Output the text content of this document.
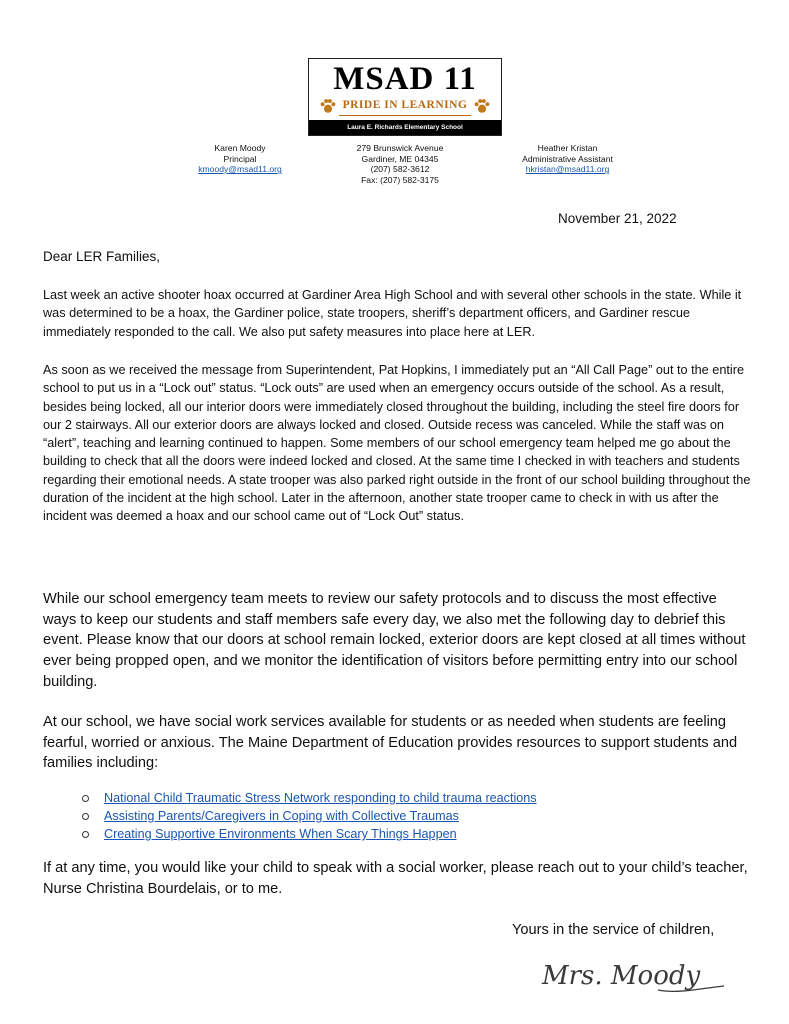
MSAD 11
PRIDE IN LEARNING
Laura E. Richards Elementary School
Karen Moody
Principal
kmoody@msad11.org
279 Brunswick Avenue
Gardiner, ME 04345
(207) 582-3612
Fax: (207) 582-3175
Heather Kristan
Administrative Assistant
hkristan@msad11.org
November 21, 2022
Dear LER Families,

Last week an active shooter hoax occurred at Gardiner Area High School and with several other schools in the state. While it was determined to be a hoax, the Gardiner police, state troopers, sheriff’s department officers, and Gardiner rescue immediately responded to the call. We also put safety measures into place here at LER.

As soon as we received the message from Superintendent, Pat Hopkins, I immediately put an “All Call Page” out to the entire school to put us in a “Lock out” status. “Lock outs” are used when an emergency occurs outside of the school. As a result, besides being locked, all our interior doors were immediately closed throughout the building, including the steel fire doors for our 2 stairways. All our exterior doors are always locked and closed. Outside recess was canceled. While the staff was on “alert”, teaching and learning continued to happen. Some members of our school emergency team helped me go about the building to check that all the doors were indeed locked and closed. At the same time I checked in with teachers and students regarding their emotional needs. A state trooper was also parked right outside in the front of our school building throughout the duration of the incident at the high school. Later in the afternoon, another state trooper came to check in with us after the incident was deemed a hoax and our school came out of “Lock Out” status.

While our school emergency team meets to review our safety protocols and to discuss the most effective ways to keep our students and staff members safe every day, we also met the following day to debrief this event. Please know that our doors at school remain locked, exterior doors are kept closed at all times without ever being propped open, and we monitor the identification of visitors before permitting entry into our school building.

At our school, we have social work services available for students or as needed when students are feeling fearful, worried or anxious. The Maine Department of Education provides resources to support students and families including:

National Child Traumatic Stress Network responding to child trauma reactions
Assisting Parents/Caregivers in Coping with Collective Traumas
Creating Supportive Environments When Scary Things Happen

If at any time, you would like your child to speak with a social worker, please reach out to your child’s teacher, Nurse Christina Bourdelais, or to me.

Yours in the service of children,
Mrs. Moody
